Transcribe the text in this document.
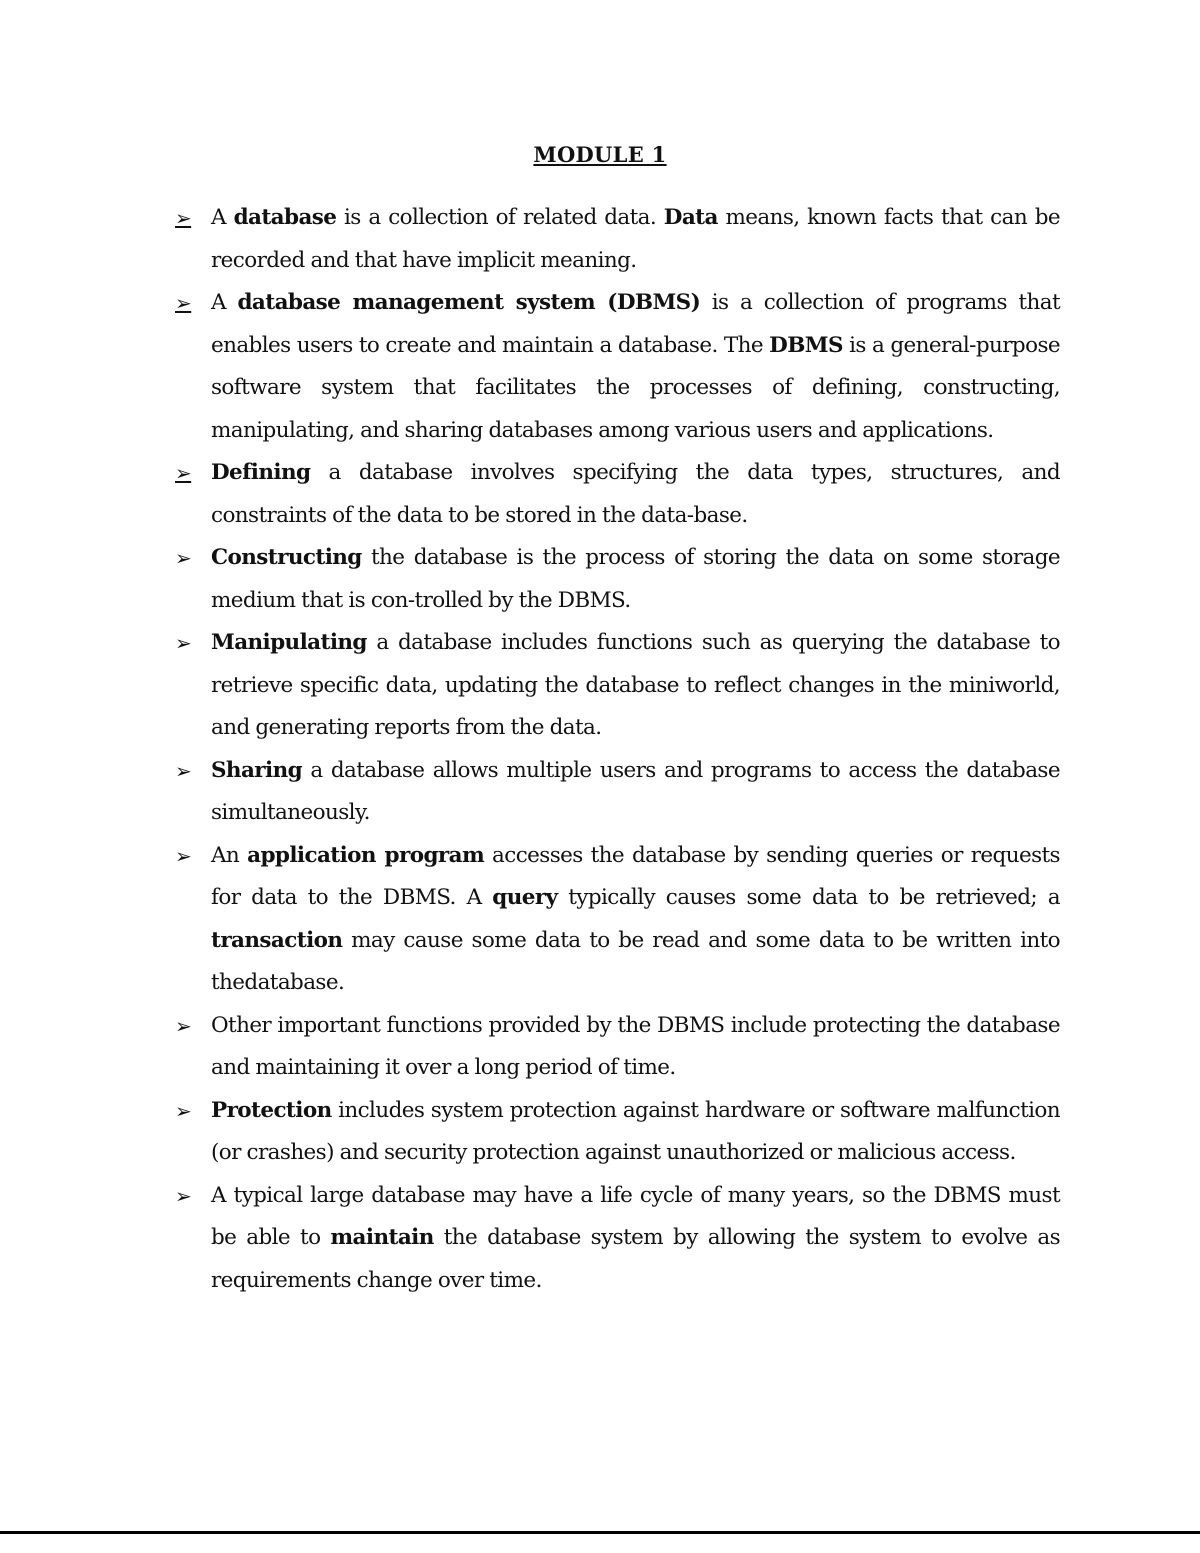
MODULE 1
➢ A database is a collection of related data. Data means, known facts that can be recorded and that have implicit meaning.
➢ A database management system (DBMS) is a collection of programs that enables users to create and maintain a database. The DBMS is a general-purpose software system that facilitates the processes of defining, constructing, manipulating, and sharing databases among various users and applications.
➢ Defining a database involves specifying the data types, structures, and constraints of the data to be stored in the data-base.
➢ Constructing the database is the process of storing the data on some storage medium that is con-trolled by the DBMS.
➢ Manipulating a database includes functions such as querying the database to retrieve specific data, updating the database to reflect changes in the miniworld, and generating reports from the data.
➢ Sharing a database allows multiple users and programs to access the database simultaneously.
➢ An application program accesses the database by sending queries or requests for data to the DBMS. A query typically causes some data to be retrieved; a transaction may cause some data to be read and some data to be written into thedatabase.
➢ Other important functions provided by the DBMS include protecting the database and maintaining it over a long period of time.
➢ Protection includes system protection against hardware or software malfunction (or crashes) and security protection against unauthorized or malicious access.
➢ A typical large database may have a life cycle of many years, so the DBMS must be able to maintain the database system by allowing the system to evolve as requirements change over time.
